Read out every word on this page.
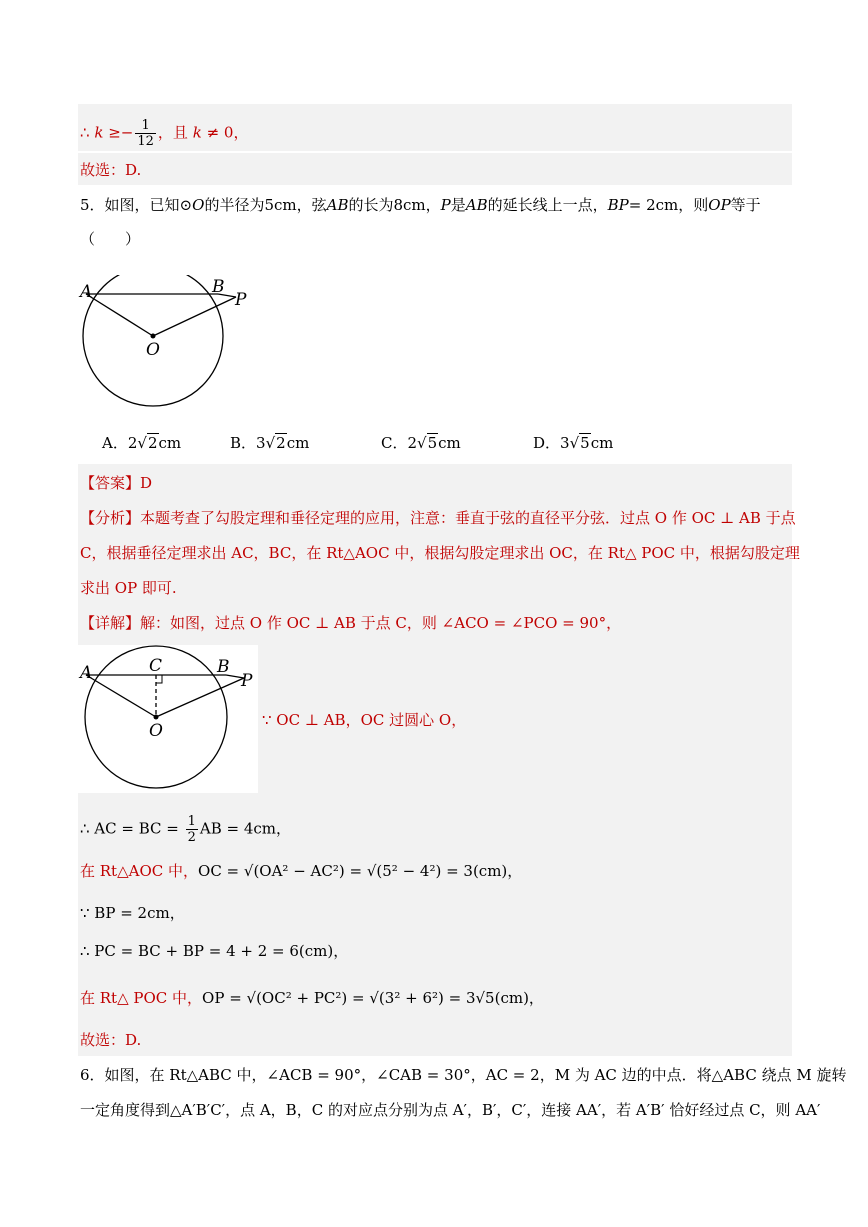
∴ $k \ge- \frac{1}{12}$ ，且 k ≠ 0，
故选：D.
5．如图，已知⊙O的半径为5cm，弦AB的长为8cm，P是AB的延长线上一点，BP= 2cm，则OP等于
（　　）
A	B
P
O
A．2√2cm	B．3√2cm	C．2√5cm	D．3√5cm
【答案】D
【分析】本题考查了勾股定理和垂径定理的应用，注意：垂直于弦的直径平分弦．过点 O 作 OC ⊥ AB 于点
C，根据垂径定理求出 AC，BC，在 Rt△AOC 中，根据勾股定理求出 OC，在 Rt△ POC 中，根据勾股定理
求出 OP 即可.
【详解】解：如图，过点 O 作 OC ⊥ AB 于点 C，则 ∠ACO = ∠PCO = 90°，
A	C	B
P
O
∵ OC ⊥ AB，OC 过圆心 O，
∴ AC = BC = $\frac{1}{2}$ AB = 4cm，
在 Rt△AOC 中，OC = √(OA² − AC²) = √(5² − 4²) = 3(cm)，
∵ BP = 2cm，
∴ PC = BC + BP = 4 + 2 = 6(cm)，
在 Rt△ POC 中，OP = √(OC² + PC²) = √(3² + 6²) = 3√5(cm)，
故选：D.
6．如图，在 Rt△ABC 中，∠ACB = 90°，∠CAB = 30°，AC = 2，M 为 AC 边的中点．将△ABC 绕点 M 旋转
一定角度得到△A′B′C′，点 A，B，C 的对应点分别为点 A′，B′，C′，连接 AA′，若 A′B′ 恰好经过点 C，则 AA′
